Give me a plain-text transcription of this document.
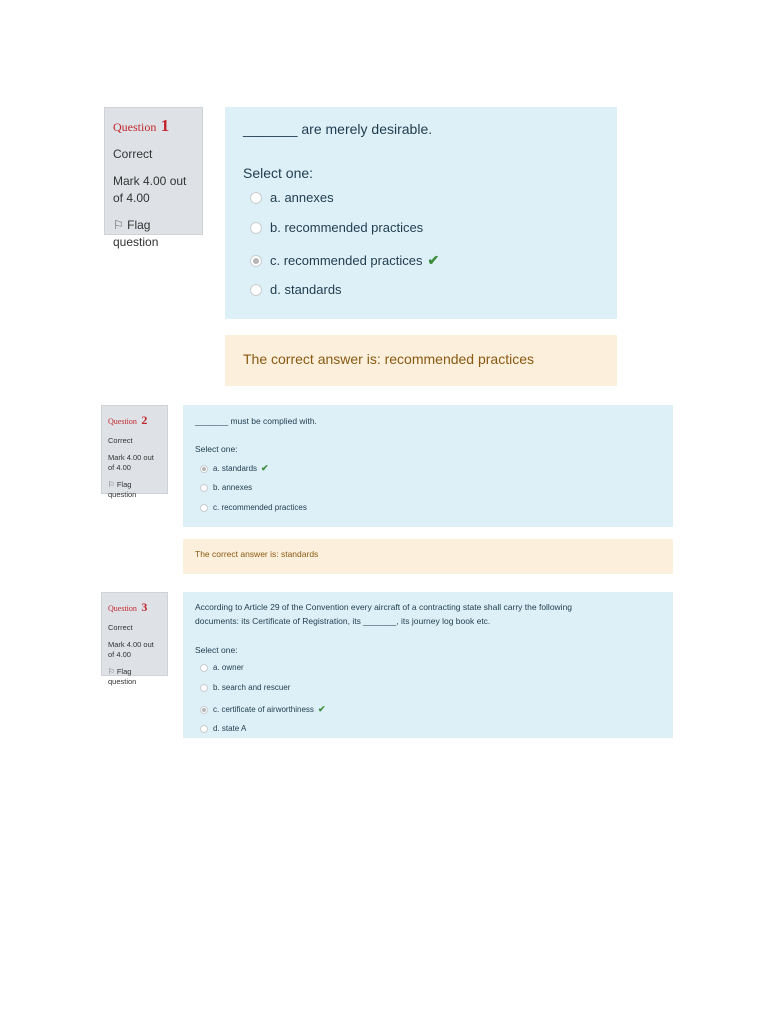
Question 1
Correct
Mark 4.00 out of 4.00
⚐ Flag question
_______ are merely desirable.
Select one:
a. annexes
b. recommended practices
c. recommended practices ✔
d. standards
The correct answer is: recommended practices
Question 2
Correct
Mark 4.00 out of 4.00
⚐ Flag question
_______ must be complied with.
Select one:
a. standards ✔
b. annexes
c. recommended practices
The correct answer is: standards
Question 3
Correct
Mark 4.00 out of 4.00
⚐ Flag question
According to Article 29 of the Convention every aircraft of a contracting state shall carry the following
documents: its Certificate of Registration, its _______, its journey log book etc.
Select one:
a. owner
b. search and rescuer
c. certificate of airworthiness ✔
d. state A
